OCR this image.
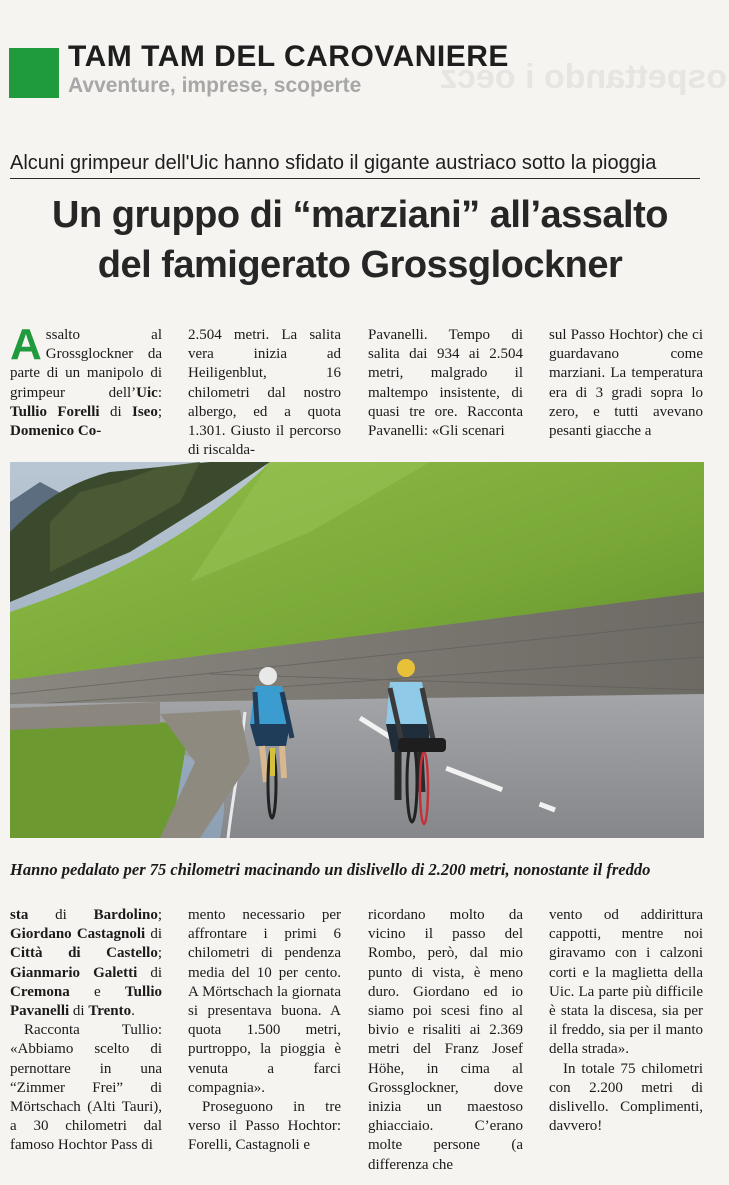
ospettando i oecz
TAM TAM DEL CAROVANIERE
Avventure, imprese, scoperte
Alcuni grimpeur dell'Uic hanno sfidato il gigante austriaco sotto la pioggia
Un gruppo di “marziani” all’assalto
del famigerato Grossglockner

Assalto al Grossglockner da parte di un manipolo di grimpeur dell’Uic: Tullio Forelli di Iseo; Domenico Co-

2.504 metri. La salita vera inizia ad Heiligenblut, 16 chilometri dal nostro albergo, ed a quota 1.301. Giusto il percorso di riscalda-

Pavanelli. Tempo di salita dai 934 ai 2.504 metri, malgrado il maltempo insistente, di quasi tre ore. Racconta Pavanelli: «Gli scenari

sul Passo Hochtor) che ci guardavano come marziani. La temperatura era di 3 gradi sopra lo zero, e tutti avevano pesanti giacche a

Hanno pedalato per 75 chilometri macinando un dislivello di 2.200 metri, nonostante il freddo

sta di Bardolino; Giordano Castagnoli di Città di Castello; Gianmario Galetti di Cremona e Tullio Pavanelli di Trento.

Racconta Tullio: «Abbiamo scelto di pernottare in una “Zimmer Frei” di Mörtschach (Alti Tauri), a 30 chilometri dal famoso Hochtor Pass di

mento necessario per affrontare i primi 6 chilometri di pendenza media del 10 per cento. A Mörtschach la giornata si presentava buona. A quota 1.500 metri, purtroppo, la pioggia è venuta a farci compagnia».

Proseguono in tre verso il Passo Hochtor: Forelli, Castagnoli e

ricordano molto da vicino il passo del Rombo, però, dal mio punto di vista, è meno duro. Giordano ed io siamo poi scesi fino al bivio e risaliti ai 2.369 metri del Franz Josef Höhe, in cima al Grossglockner, dove inizia un maestoso ghiacciaio. C’erano molte persone (a differenza che

vento od addirittura cappotti, mentre noi giravamo con i calzoni corti e la maglietta della Uic. La parte più difficile è stata la discesa, sia per il freddo, sia per il manto della strada».

In totale 75 chilometri con 2.200 metri di dislivello. Complimenti, davvero!
